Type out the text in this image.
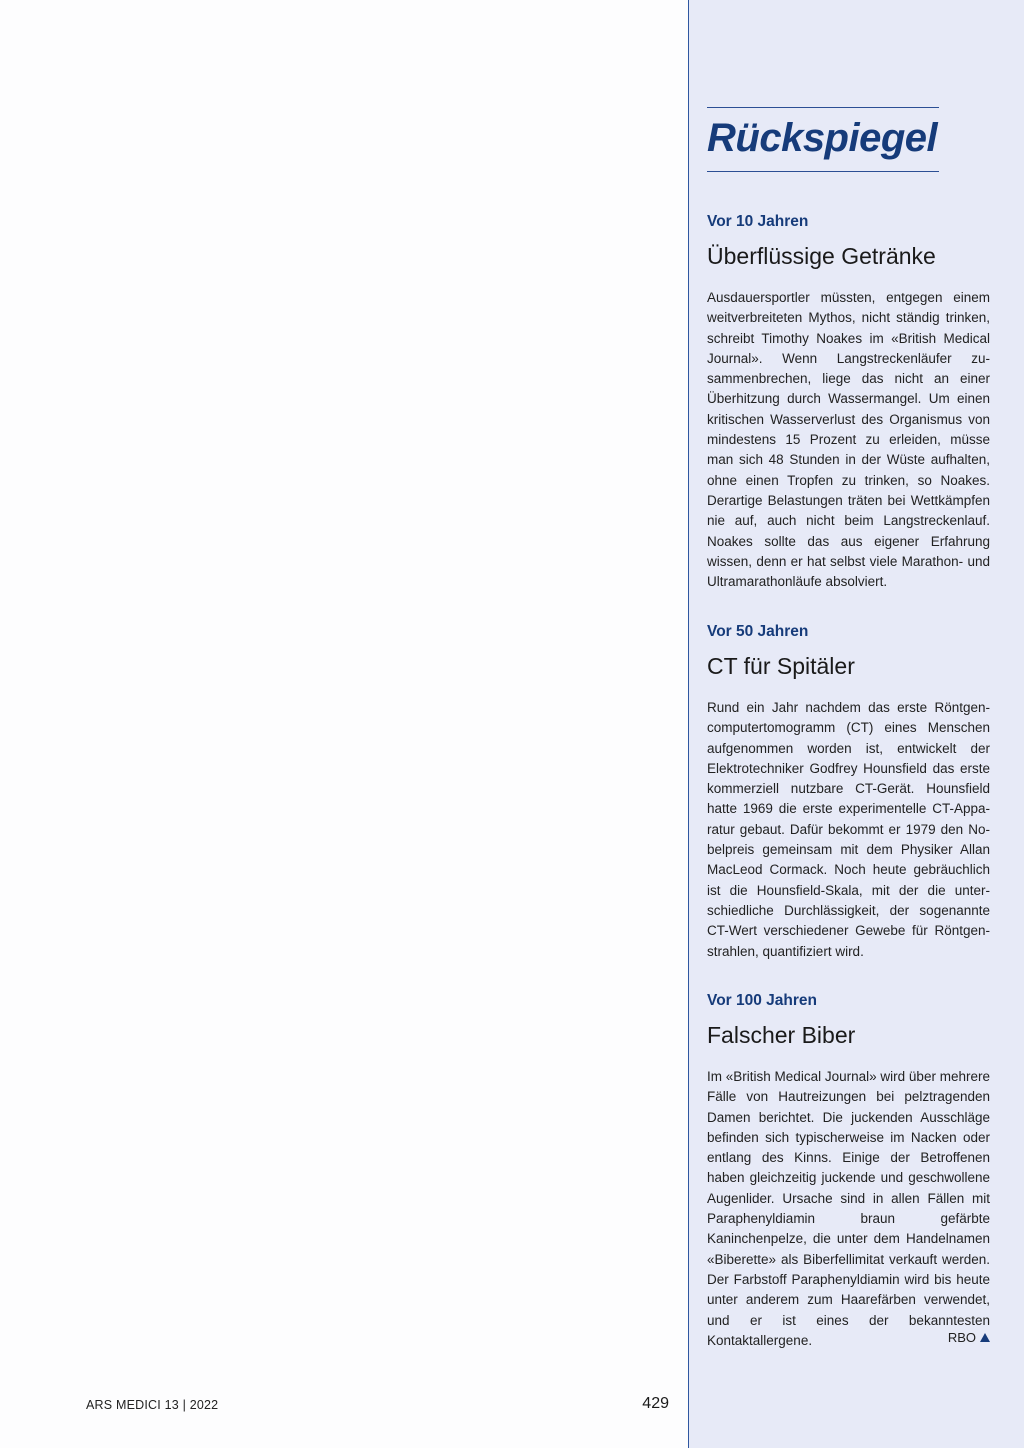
Rückspiegel

Vor 10 Jahren

Überflüssige Getränke

Ausdauersportler müssten, entgegen einem weitverbreiteten Mythos, nicht ständig trinken, schreibt Timothy Noakes im «British Medical Journal». Wenn Langstreckenläufer zusammenbrechen, liege das nicht an einer Überhitzung durch Wassermangel. Um einen kritischen Wasserverlust des Organismus von mindestens 15 Prozent zu erleiden, müsse man sich 48 Stunden in der Wüste aufhalten, ohne einen Tropfen zu trinken, so Noakes. Derartige Belastungen träten bei Wettkämpfen nie auf, auch nicht beim Langstreckenlauf. Noakes sollte das aus eigener Erfahrung wissen, denn er hat selbst viele Marathon- und Ultramarathonläufe absolviert.

Vor 50 Jahren

CT für Spitäler

Rund ein Jahr nachdem das erste Röntgencomputertomogramm (CT) eines Menschen aufgenommen worden ist, entwickelt der Elektrotechniker Godfrey Hounsfield das erste kommerziell nutzbare CT-Gerät. Hounsfield hatte 1969 die erste experimentelle CT-Apparatur gebaut. Dafür bekommt er 1979 den Nobelpreis gemeinsam mit dem Physiker Allan MacLeod Cormack. Noch heute gebräuchlich ist die Hounsfield-Skala, mit der die unterschiedliche Durchlässigkeit, der sogenannte CT-Wert verschiedener Gewebe für Röntgenstrahlen, quantifiziert wird.

Vor 100 Jahren

Falscher Biber

Im «British Medical Journal» wird über mehrere Fälle von Hautreizungen bei pelztragenden Damen berichtet. Die juckenden Ausschläge befinden sich typischerweise im Nacken oder entlang des Kinns. Einige der Betroffenen haben gleichzeitig juckende und geschwollene Augenlider. Ursache sind in allen Fällen mit Paraphenyldiamin braun gefärbte Kaninchenpelze, die unter dem Handelnamen «Biberette» als Biberfellimitat verkauft werden. Der Farbstoff Paraphenyldiamin wird bis heute unter anderem zum Haarefärben verwendet, und er ist eines der bekanntesten Kontaktallergene.	RBO
ARS MEDICI 13 | 2022	429
